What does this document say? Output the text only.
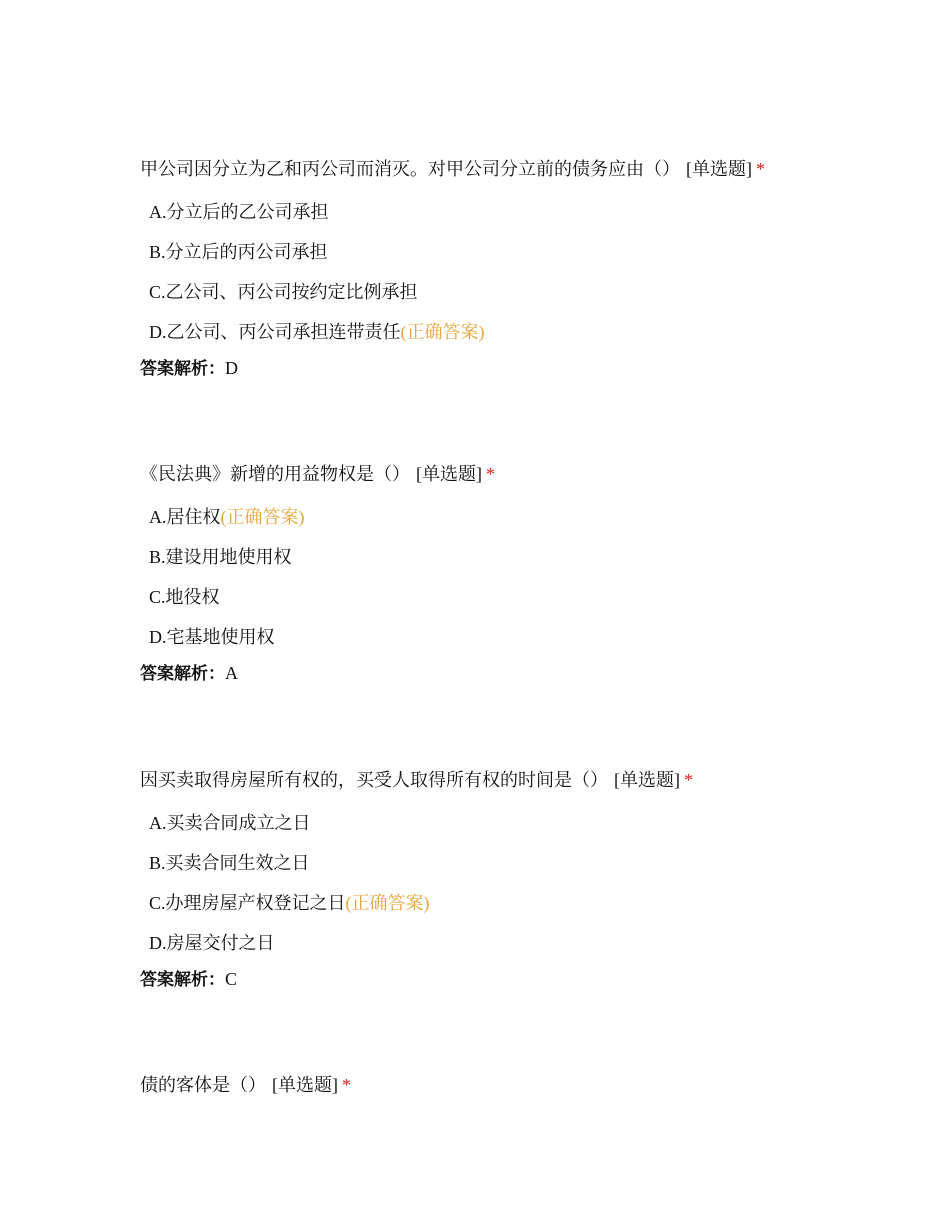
甲公司因分立为乙和丙公司而消灭。对甲公司分立前的债务应由（） [单选题] *

A.分立后的乙公司承担
B.分立后的丙公司承担
C.乙公司、丙公司按约定比例承担
D.乙公司、丙公司承担连带责任(正确答案)
答案解析：D

《民法典》新增的用益物权是（） [单选题] *

A.居住权(正确答案)
B.建设用地使用权
C.地役权
D.宅基地使用权
答案解析：A

因买卖取得房屋所有权的，买受人取得所有权的时间是（） [单选题] *

A.买卖合同成立之日
B.买卖合同生效之日
C.办理房屋产权登记之日(正确答案)
D.房屋交付之日
答案解析：C

债的客体是（） [单选题] *
